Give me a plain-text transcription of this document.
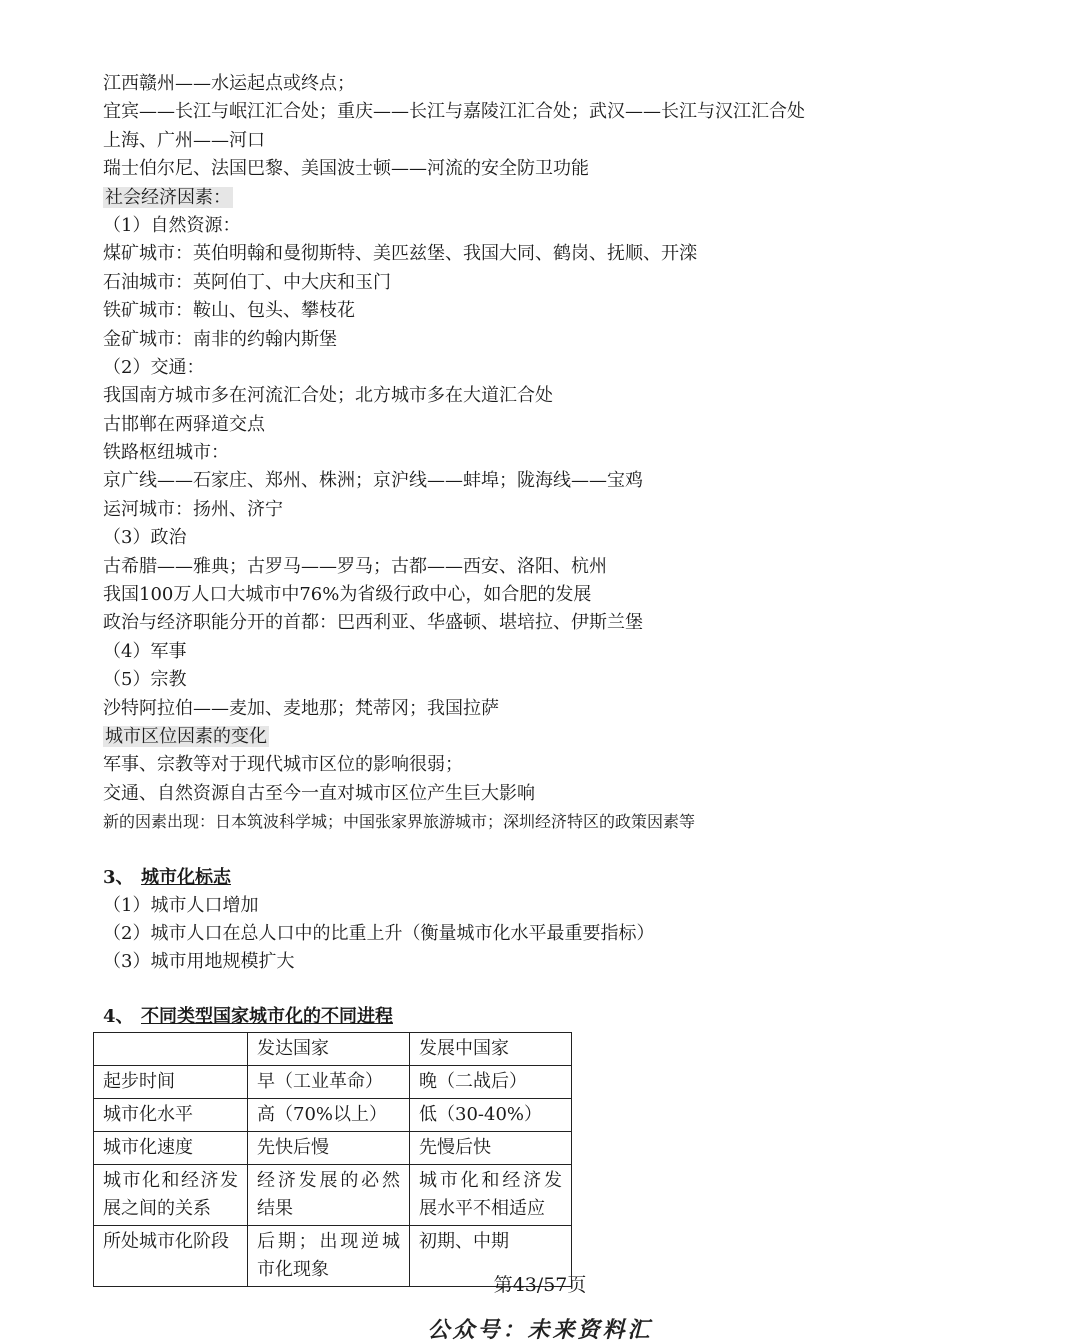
江西赣州——水运起点或终点；
宜宾——长江与岷江汇合处；重庆——长江与嘉陵江汇合处；武汉——长江与汉江汇合处
上海、广州——河口
瑞士伯尔尼、法国巴黎、美国波士顿——河流的安全防卫功能
社会经济因素：
（1）自然资源：
煤矿城市：英伯明翰和曼彻斯特、美匹兹堡、我国大同、鹤岗、抚顺、开滦
石油城市：英阿伯丁、中大庆和玉门
铁矿城市：鞍山、包头、攀枝花
金矿城市：南非的约翰内斯堡
（2）交通：
我国南方城市多在河流汇合处；北方城市多在大道汇合处
古邯郸在两驿道交点
铁路枢纽城市：
京广线——石家庄、郑州、株洲；京沪线——蚌埠；陇海线——宝鸡
运河城市：扬州、济宁
（3）政治
古希腊——雅典；古罗马——罗马；古都——西安、洛阳、杭州
我国100万人口大城市中76%为省级行政中心，如合肥的发展
政治与经济职能分开的首都：巴西利亚、华盛顿、堪培拉、伊斯兰堡
（4）军事
（5）宗教
沙特阿拉伯——麦加、麦地那；梵蒂冈；我国拉萨
城市区位因素的变化
军事、宗教等对于现代城市区位的影响很弱；
交通、自然资源自古至今一直对城市区位产生巨大影响
新的因素出现：日本筑波科学城；中国张家界旅游城市；深圳经济特区的政策因素等
3、 城市化标志
（1）城市人口增加
（2）城市人口在总人口中的比重上升（衡量城市化水平最重要指标）
（3）城市用地规模扩大
4、 不同类型国家城市化的不同进程
	发达国家	发展中国家
起步时间	早（工业革命）	晚（二战后）
城市化水平	高（70%以上）	低（30-40%）
城市化速度	先快后慢	先慢后快
城市化和经济发展之间的关系	经济发展的必然结果	城市化和经济发展水平不相适应
所处城市化阶段	后期；出现逆城市化现象	初期、中期
第43/57页
公众号：未来资料汇
